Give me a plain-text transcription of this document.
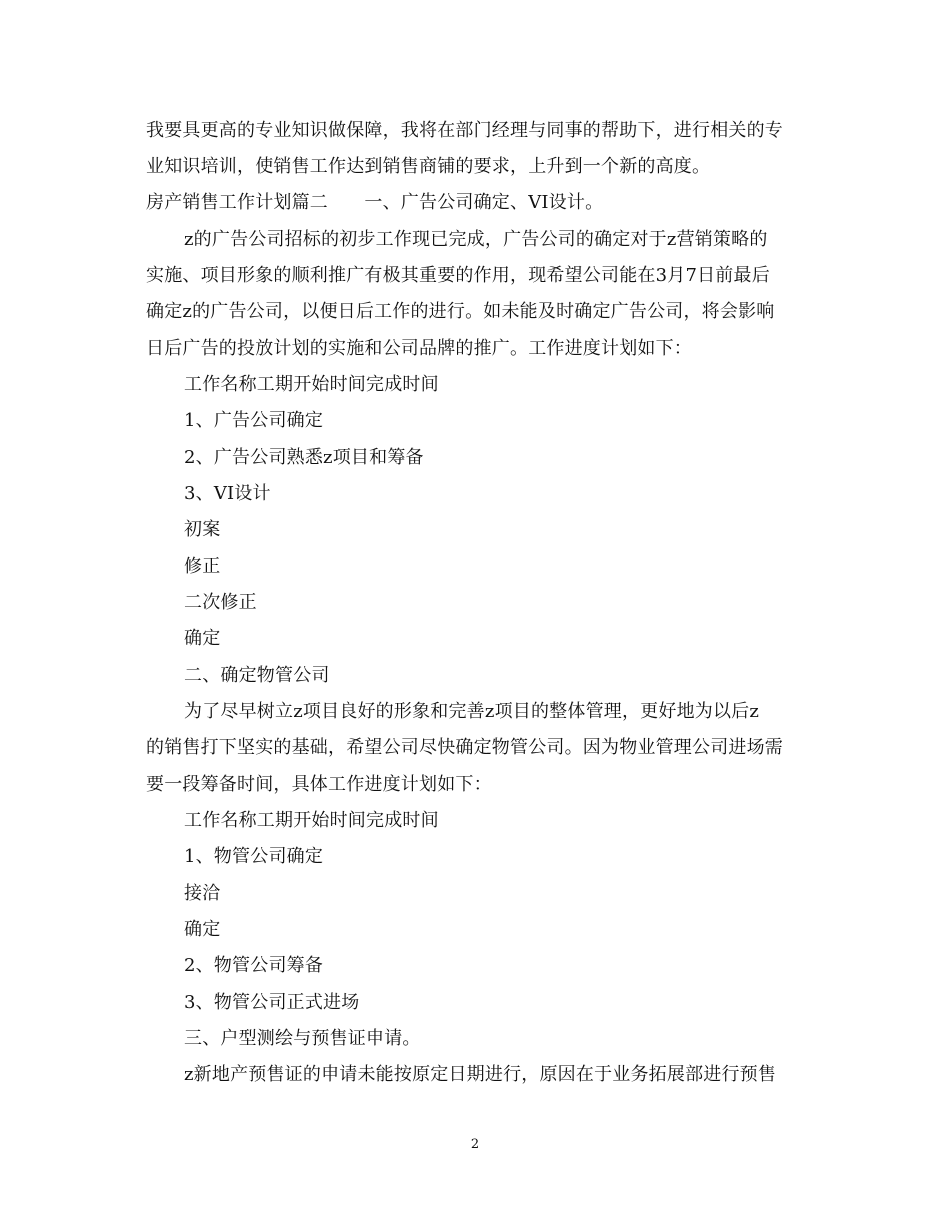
我要具更高的专业知识做保障，我将在部门经理与同事的帮助下，进行相关的专
业知识培训，使销售工作达到销售商铺的要求，上升到一个新的高度。
房产销售工作计划篇二　　一、广告公司确定、VI设计。
z的广告公司招标的初步工作现已完成，广告公司的确定对于z营销策略的
实施、项目形象的顺利推广有极其重要的作用，现希望公司能在3月7日前最后
确定z的广告公司，以便日后工作的进行。如未能及时确定广告公司，将会影响
日后广告的投放计划的实施和公司品牌的推广。工作进度计划如下：
工作名称工期开始时间完成时间
1、广告公司确定
2、广告公司熟悉z项目和筹备
3、VI设计
初案
修正
二次修正
确定
二、确定物管公司
为了尽早树立z项目良好的形象和完善z项目的整体管理，更好地为以后z
的销售打下坚实的基础，希望公司尽快确定物管公司。因为物业管理公司进场需
要一段筹备时间，具体工作进度计划如下：
工作名称工期开始时间完成时间
1、物管公司确定
接洽
确定
2、物管公司筹备
3、物管公司正式进场
三、户型测绘与预售证申请。
z新地产预售证的申请未能按原定日期进行，原因在于业务拓展部进行预售
2
